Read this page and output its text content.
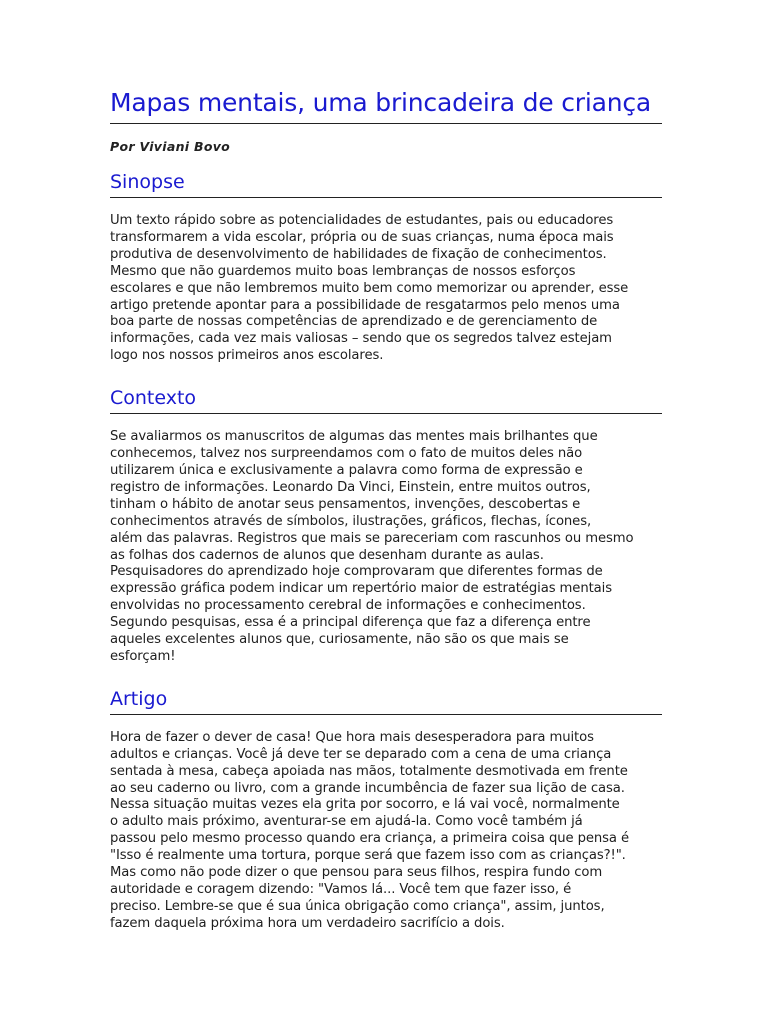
Mapas mentais, uma brincadeira de criança
Por Viviani Bovo
Sinopse

Um texto rápido sobre as potencialidades de estudantes, pais ou educadores
transformarem a vida escolar, própria ou de suas crianças, numa época mais
produtiva de desenvolvimento de habilidades de fixação de conhecimentos.
Mesmo que não guardemos muito boas lembranças de nossos esforços
escolares e que não lembremos muito bem como memorizar ou aprender, esse
artigo pretende apontar para a possibilidade de resgatarmos pelo menos uma
boa parte de nossas competências de aprendizado e de gerenciamento de
informações, cada vez mais valiosas – sendo que os segredos talvez estejam
logo nos nossos primeiros anos escolares.

Contexto

Se avaliarmos os manuscritos de algumas das mentes mais brilhantes que
conhecemos, talvez nos surpreendamos com o fato de muitos deles não
utilizarem única e exclusivamente a palavra como forma de expressão e
registro de informações. Leonardo Da Vinci, Einstein, entre muitos outros,
tinham o hábito de anotar seus pensamentos, invenções, descobertas e
conhecimentos através de símbolos, ilustrações, gráficos, flechas, ícones,
além das palavras. Registros que mais se pareceriam com rascunhos ou mesmo
as folhas dos cadernos de alunos que desenham durante as aulas.
Pesquisadores do aprendizado hoje comprovaram que diferentes formas de
expressão gráfica podem indicar um repertório maior de estratégias mentais
envolvidas no processamento cerebral de informações e conhecimentos.
Segundo pesquisas, essa é a principal diferença que faz a diferença entre
aqueles excelentes alunos que, curiosamente, não são os que mais se
esforçam!

Artigo

Hora de fazer o dever de casa! Que hora mais desesperadora para muitos
adultos e crianças. Você já deve ter se deparado com a cena de uma criança
sentada à mesa, cabeça apoiada nas mãos, totalmente desmotivada em frente
ao seu caderno ou livro, com a grande incumbência de fazer sua lição de casa.
Nessa situação muitas vezes ela grita por socorro, e lá vai você, normalmente
o adulto mais próximo, aventurar-se em ajudá-la. Como você também já
passou pelo mesmo processo quando era criança, a primeira coisa que pensa é
"Isso é realmente uma tortura, porque será que fazem isso com as crianças?!".
Mas como não pode dizer o que pensou para seus filhos, respira fundo com
autoridade e coragem dizendo: "Vamos lá... Você tem que fazer isso, é
preciso. Lembre-se que é sua única obrigação como criança", assim, juntos,
fazem daquela próxima hora um verdadeiro sacrifício a dois.
